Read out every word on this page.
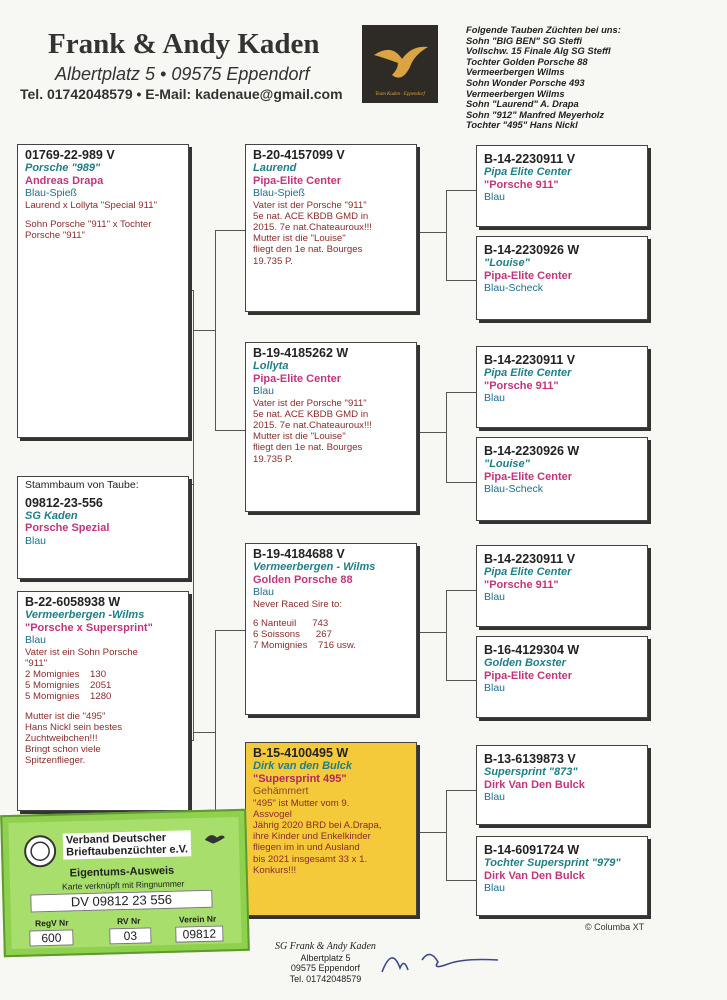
Frank & Andy Kaden
Albertplatz 5 • 09575 Eppendorf
Tel. 01742048579 • E-Mail: kadenaue@gmail.com	Team Kaden · Eppendorf
Folgende Tauben Züchten bei uns:
Sohn "BIG BEN" SG Steffi
Vollschw. 15 Finale Alg SG Steffl
Tochter Golden Porsche 88
Vermeerbergen Wilms
Sohn Wonder Porsche 493
Vermeerbergen Wilms
Sohn "Laurend" A. Drapa
Sohn "912" Manfred Meyerholz
Tochter "495" Hans Nickl
01769-22-989 V
Porsche "989"
Andreas Drapa
Blau-Spieß
Laurend x Lollyta "Special 911"
Sohn Porsche "911" x Tochter
Porsche "911"
Stammbaum von Taube:
09812-23-556
SG Kaden
Porsche Spezial
Blau
B-22-6058938 W
Vermeerbergen -Wilms
"Porsche x Supersprint"
Blau
Vater ist ein Sohn Porsche
"911"
2 Momignies    130
5 Momignies    2051
5 Momignies    1280
Mutter ist die "495"
Hans Nickl sein bestes
Zuchtweibchen!!!
Bringt schon viele
Spitzenflieger.
B-20-4157099 V
Laurend
Pipa-Elite Center
Blau-Spieß
Vater ist der Porsche "911"
5e nat. ACE KBDB GMD in
2015. 7e nat.Chateauroux!!!
Mutter ist die "Louise"
fliegt den 1e nat. Bourges
19.735 P.
B-19-4185262 W
Lollyta
Pipa-Elite Center
Blau
Vater ist der Porsche "911"
5e nat. ACE KBDB GMD in
2015. 7e nat.Chateauroux!!!
Mutter ist die "Louise"
fliegt den 1e nat. Bourges
19.735 P.
B-19-4184688 V
Vermeerbergen - Wilms
Golden Porsche 88
Blau
Never Raced Sire to:
6 Nanteuil      743
6 Soissons      267
7 Momignies    716 usw.
B-15-4100495 W
Dirk van den Bulck
"Supersprint 495"
Gehämmert
"495" ist Mutter vom 9.
Assvogel
Jährig 2020 BRD bei A.Drapa,
ihre Kinder und Enkelkinder
fliegen im in und Ausland
bis 2021 insgesamt 33 x 1.
Konkurs!!!
B-14-2230911 V
Pipa Elite Center
"Porsche 911"
Blau
B-14-2230926 W
"Louise"
Pipa-Elite Center
Blau-Scheck
B-14-2230911 V
Pipa Elite Center
"Porsche 911"
Blau
B-14-2230926 W
"Louise"
Pipa-Elite Center
Blau-Scheck
B-14-2230911 V
Pipa Elite Center
"Porsche 911"
Blau
B-16-4129304 W
Golden Boxster
Pipa-Elite Center
Blau
B-13-6139873 V
Supersprint "873"
Dirk Van Den Bulck
Blau
B-14-6091724 W
Tochter Supersprint "979"
Dirk Van Den Bulck
Blau
© Columba XT
Verband Deutscher
Brieftaubenzüchter e.V.
Eigentums-Ausweis
Karte verknüpft mit Ringnummer
DV 09812 23 556
RegV Nr	RV Nr	Verein Nr
600	03	09812
SG Frank & Andy Kaden
Albertplatz 5
09575 Eppendorf
Tel. 01742048579
